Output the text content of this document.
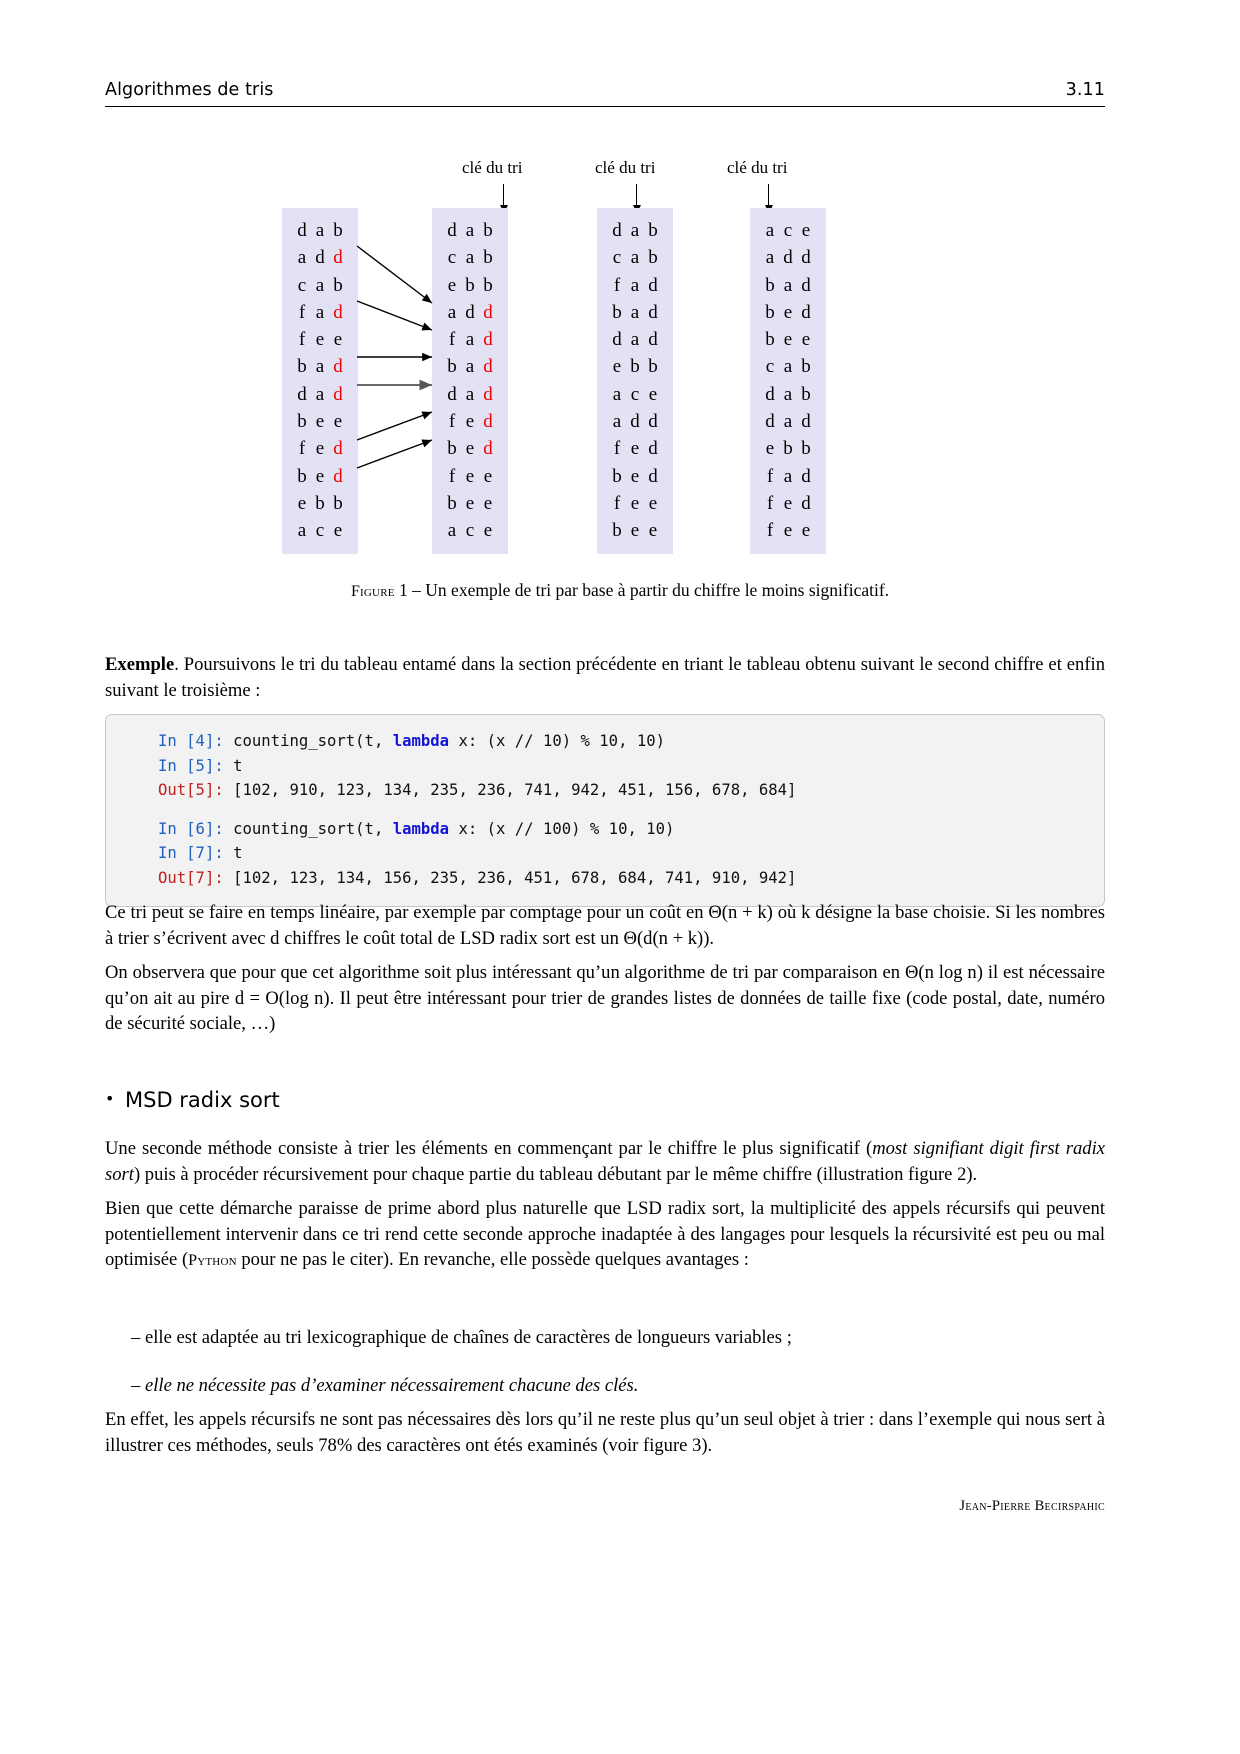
Algorithmes de tris	3.11
clé du tri	clé du tri	clé du tri
d a b
a d d
c a b
f a d
f e e
b a d
d a d
b e e
f e d
b e d
e b b
a c e
d a b
c a b
e b b
a d d
f a d
b a d
d a d
f e d
b e d
f e e
b e e
a c e
d a b
c a b
f a d
b a d
d a d
e b b
a c e
a d d
f e d
b e d
f e e
b e e
a c e
a d d
b a d
b e d
b e e
c a b
d a b
d a d
e b b
f a d
f e d
f e e
Figure 1 – Un exemple de tri par base à partir du chiffre le moins significatif.

Exemple. Poursuivons le tri du tableau entamé dans la section précédente en triant le tableau obtenu suivant le second chiffre et enfin suivant le troisième :

In [4]: counting_sort(t, lambda x: (x // 10) % 10, 10)
In [5]: t
Out[5]: [102, 910, 123, 134, 235, 236, 741, 942, 451, 156, 678, 684]

In [6]: counting_sort(t, lambda x: (x // 100) % 10, 10)
In [7]: t
Out[7]: [102, 123, 134, 156, 235, 236, 451, 678, 684, 741, 910, 942]

Ce tri peut se faire en temps linéaire, par exemple par comptage pour un coût en Θ(n + k) où k désigne la base choisie. Si les nombres à trier s’écrivent avec d chiffres le coût total de LSD radix sort est un Θ(d(n + k)).

On observera que pour que cet algorithme soit plus intéressant qu’un algorithme de tri par comparaison en Θ(n log n) il est nécessaire qu’on ait au pire d = O(log n). Il peut être intéressant pour trier de grandes listes de données de taille fixe (code postal, date, numéro de sécurité sociale, …)

• MSD radix sort

Une seconde méthode consiste à trier les éléments en commençant par le chiffre le plus significatif (most signifiant digit first radix sort) puis à procéder récursivement pour chaque partie du tableau débutant par le même chiffre (illustration figure 2).

Bien que cette démarche paraisse de prime abord plus naturelle que LSD radix sort, la multiplicité des appels récursifs qui peuvent potentiellement intervenir dans ce tri rend cette seconde approche inadaptée à des langages pour lesquels la récursivité est peu ou mal optimisée (Python pour ne pas le citer). En revanche, elle possède quelques avantages :

– elle est adaptée au tri lexicographique de chaînes de caractères de longueurs variables ;
– elle ne nécessite pas d’examiner nécessairement chacune des clés.

En effet, les appels récursifs ne sont pas nécessaires dès lors qu’il ne reste plus qu’un seul objet à trier : dans l’exemple qui nous sert à illustrer ces méthodes, seuls 78% des caractères ont étés examinés (voir figure 3).

Jean-Pierre Becirspahic
